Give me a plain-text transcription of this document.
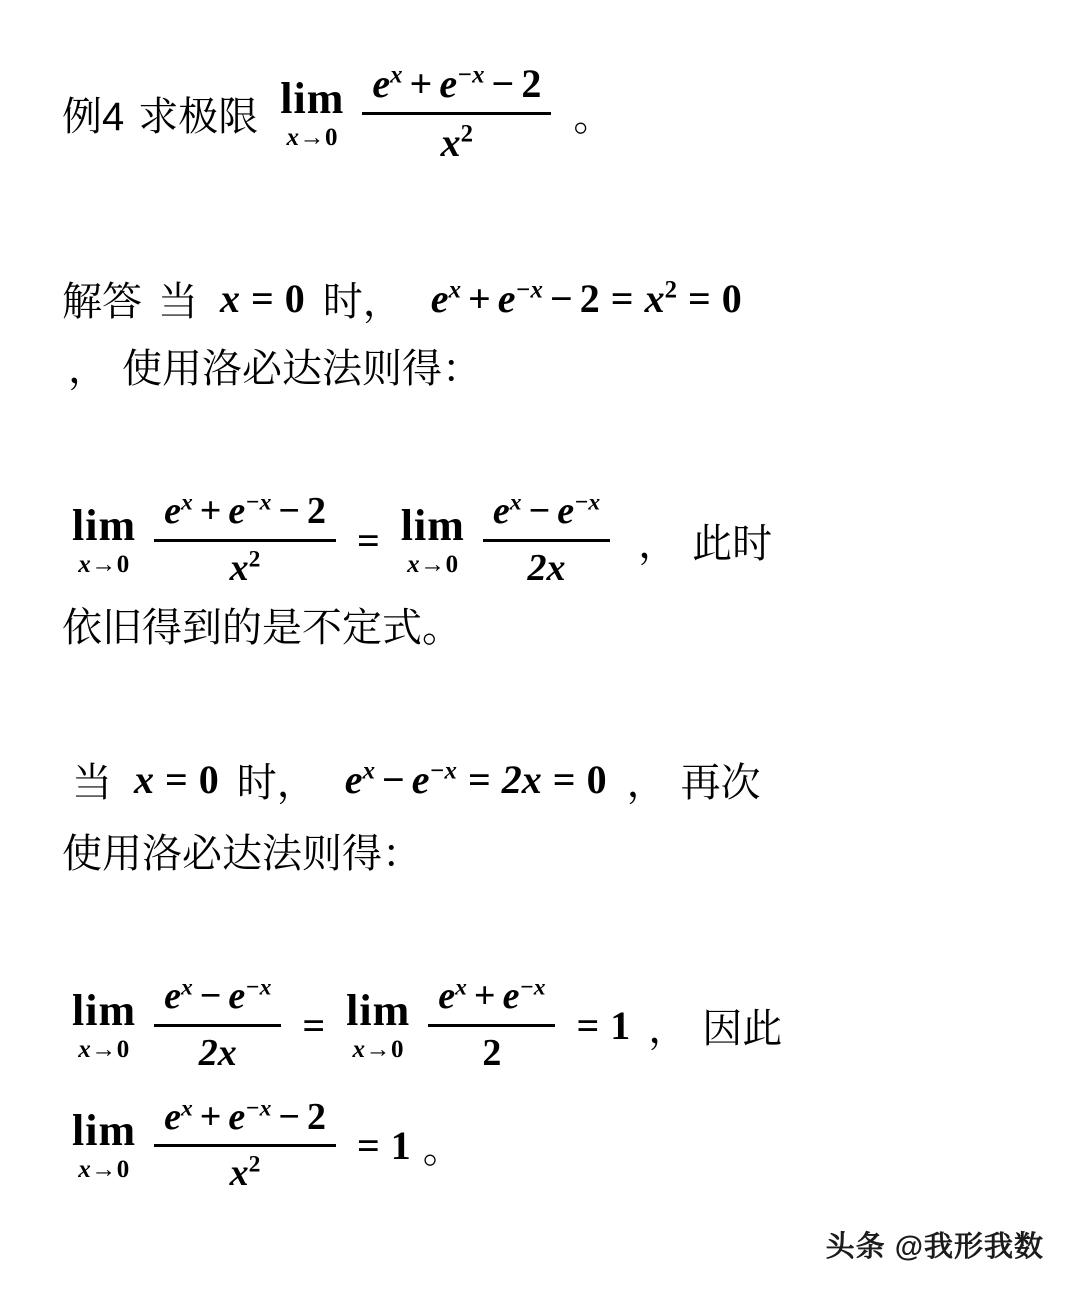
例4 求极限 lim
$x\to 0 \frac{e^x + e^{-x} - 2}{x^2}$ 。
解答 当 x = 0 时， $e^x + e^{-x} - 2 = x^2 = 0$
， 使用洛必达法则得：
lim
$x\to 0 \frac{e^x + e^{-x} - 2}{x^2} = \lim$
$x\to 0 \frac{e^x - e^{-x}}{2x}$ ， 此时
依旧得到的是不定式。
当 x = 0 时， $e^x - e^{-x} = 2x = 0$ ， 再次
使用洛必达法则得：
lim
$x\to 0 \frac{e^x - e^{-x}}{2x} = \lim$
$x\to 0 \frac{e^x + e^{-x}}{2} = 1$ ， 因此
lim
$x\to 0 \frac{e^x + e^{-x} - 2}{x^2} = 1$ 。
头条 @我形我数
